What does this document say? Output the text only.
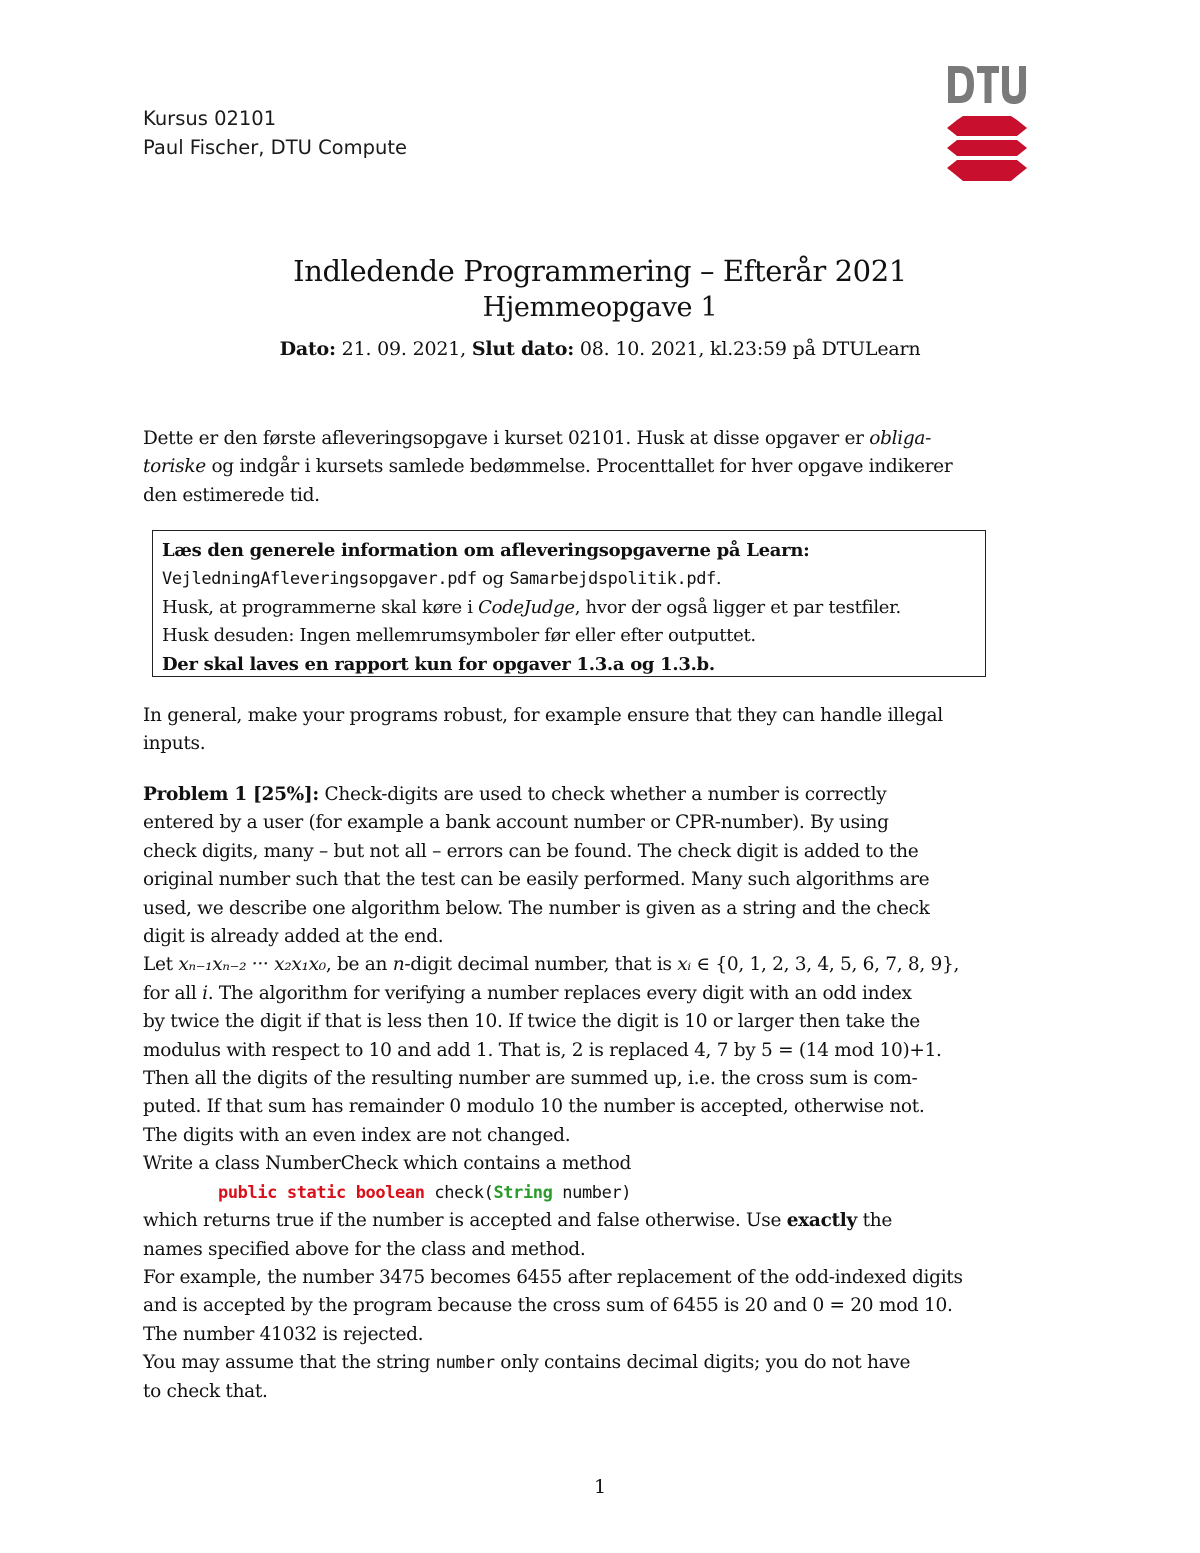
Kursus 02101
Paul Fischer, DTU Compute
Indledende Programmering – Efterår 2021
Hjemmeopgave 1
Dato: 21. 09. 2021, Slut dato: 08. 10. 2021, kl.23:59 på DTULearn
Dette er den første afleveringsopgave i kurset 02101. Husk at disse opgaver er obliga-
toriske og indgår i kursets samlede bedømmelse. Procenttallet for hver opgave indikerer
den estimerede tid.
Læs den generele information om afleveringsopgaverne på Learn:
VejledningAfleveringsopgaver.pdf og Samarbejdspolitik.pdf.
Husk, at programmerne skal køre i CodeJudge, hvor der også ligger et par testfiler.
Husk desuden: Ingen mellemrumsymboler før eller efter outputtet.
Der skal laves en rapport kun for opgaver 1.3.a og 1.3.b.
In general, make your programs robust, for example ensure that they can handle illegal
inputs.
Problem 1 [25%]: Check-digits are used to check whether a number is correctly
entered by a user (for example a bank account number or CPR-number). By using
check digits, many – but not all – errors can be found. The check digit is added to the
original number such that the test can be easily performed. Many such algorithms are
used, we describe one algorithm below. The number is given as a string and the check
digit is already added at the end.
Let xₙ₋₁xₙ₋₂ ··· x₂x₁x₀, be an n-digit decimal number, that is xᵢ ∈ {0, 1, 2, 3, 4, 5, 6, 7, 8, 9},
for all i. The algorithm for verifying a number replaces every digit with an odd index
by twice the digit if that is less then 10. If twice the digit is 10 or larger then take the
modulus with respect to 10 and add 1. That is, 2 is replaced 4, 7 by 5 = (14 mod 10)+1.
Then all the digits of the resulting number are summed up, i.e. the cross sum is com-
puted. If that sum has remainder 0 modulo 10 the number is accepted, otherwise not.
The digits with an even index are not changed.
Write a class NumberCheck which contains a method
public static boolean check(String number)
which returns true if the number is accepted and false otherwise. Use exactly the
names specified above for the class and method.
For example, the number 3475 becomes 6455 after replacement of the odd-indexed digits
and is accepted by the program because the cross sum of 6455 is 20 and 0 = 20 mod 10.
The number 41032 is rejected.
You may assume that the string number only contains decimal digits; you do not have
to check that.
1
